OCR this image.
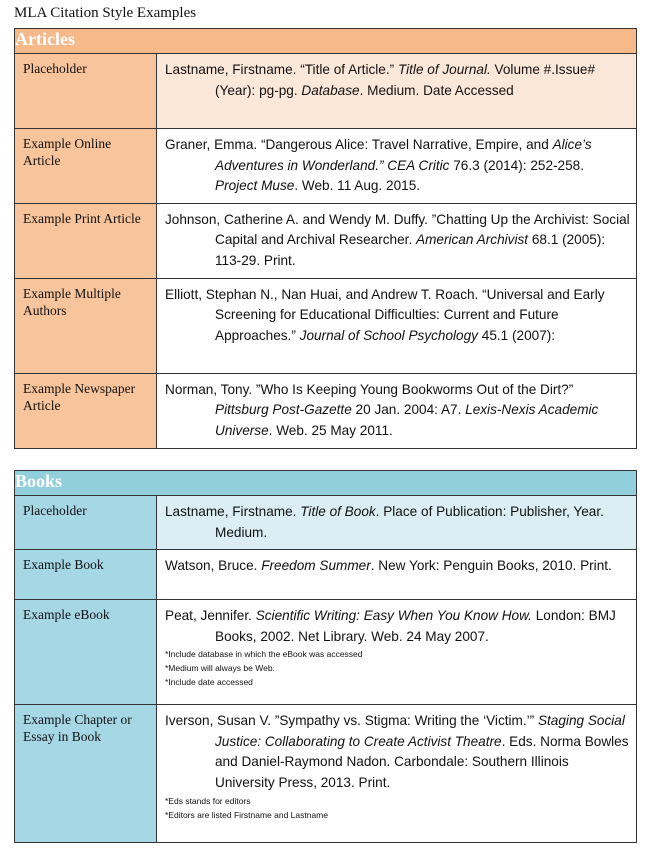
MLA Citation Style Examples
Articles	
Placeholder	Lastname, Firstname. “Title of Article.” Title of Journal. Volume #.Issue# (Year): pg-pg. Database. Medium. Date Accessed

Example Online Article	Graner, Emma. “Dangerous Alice: Travel Narrative, Empire, and Alice’s Adventures in Wonderland.” CEA Critic 76.3 (2014): 252-258. Project Muse. Web. 11 Aug. 2015.

Example Print Article	Johnson, Catherine A. and Wendy M. Duffy. ”Chatting Up the Archivist: Social Capital and Archival Researcher. American Archivist 68.1 (2005): 113-29. Print.

Example Multiple Authors	Elliott, Stephan N., Nan Huai, and Andrew T. Roach. “Universal and Early Screening for Educational Difficulties: Current and Future Approaches.” Journal of School Psychology 45.1 (2007):

Example Newspaper Article	Norman, Tony. ”Who Is Keeping Young Bookworms Out of the Dirt?” Pittsburg Post-Gazette 20 Jan. 2004: A7. Lexis-Nexis Academic Universe. Web. 25 May 2011.
Books	
Placeholder	Lastname, Firstname. Title of Book. Place of Publication: Publisher, Year. Medium.

Example Book	Watson, Bruce. Freedom Summer. New York: Penguin Books, 2010. Print.

Example eBook	Peat, Jennifer. Scientific Writing: Easy When You Know How. London: BMJ Books, 2002. Net Library. Web. 24 May 2007.
*Include database in which the eBook was accessed
*Medium will always be Web.
*Include date accessed

Example Chapter or Essay in Book	Iverson, Susan V. ”Sympathy vs. Stigma: Writing the ‘Victim.’” Staging Social Justice: Collaborating to Create Activist Theatre. Eds. Norma Bowles and Daniel-Raymond Nadon. Carbondale: Southern Illinois University Press, 2013. Print.
*Eds stands for editors
*Editors are listed Firstname and Lastname
